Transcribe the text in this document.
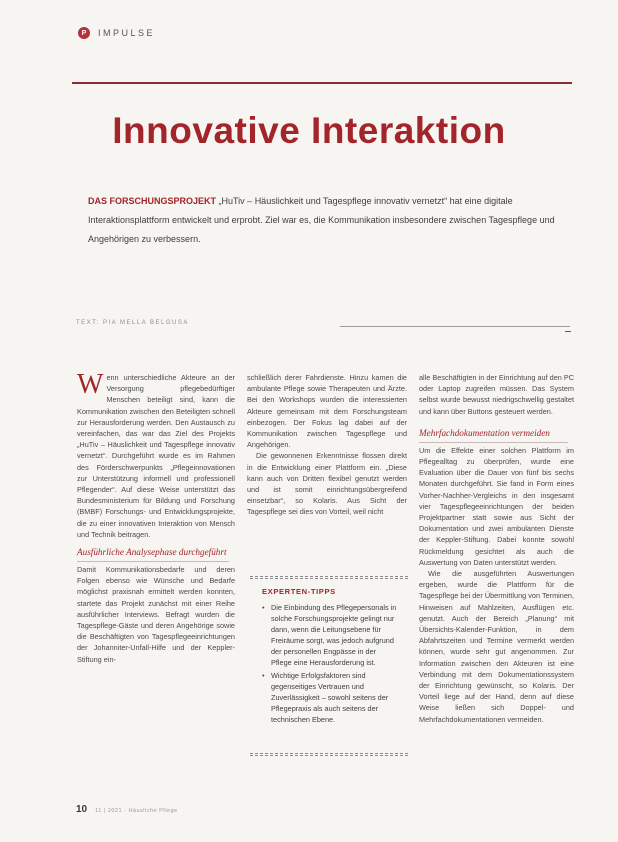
P	IMPULSE
Innovative Interaktion
DAS FORSCHUNGSPROJEKT „HuTiv – Häuslichkeit und Tagespflege innovativ vernetzt“ hat eine digitale Interaktionsplattform entwickelt und erprobt. Ziel war es, die Kommunikation insbesondere zwischen Tagespflege und Angehörigen zu verbessern.
TEXT: PIA MELLA BELGUSA

Wenn unterschiedliche Akteure an der Versorgung pflegebedürftiger Menschen beteiligt sind, kann die Kommunikation zwischen den Beteiligten schnell zur Herausforderung werden. Den Austausch zu vereinfachen, das war das Ziel des Projekts „HuTiv – Häuslichkeit und Tagespflege innovativ vernetzt“. Durchgeführt wurde es im Rahmen des Förderschwerpunkts „Pflegeinnovationen zur Unterstützung informell und professionell Pflegender“. Auf diese Weise unterstützt das Bundesministerium für Bildung und Forschung (BMBF) Forschungs- und Entwicklungsprojekte, die zu einer innovativen Interaktion von Mensch und Technik beitragen.

Ausführliche Analysephase durchgeführt

Damit Kommunikationsbedarfe und deren Folgen ebenso wie Wünsche und Bedarfe möglichst praxisnah ermittelt werden konnten, startete das Projekt zunächst mit einer Reihe ausführlicher Interviews. Befragt wurden die Tagespflege-Gäste und deren Angehörige sowie die Beschäftigten von Tagespflegeeinrichtungen der Johanniter-Unfall-Hilfe und der Keppler-Stiftung ein-

schließlich derer Fahrdienste. Hinzu kamen die ambulante Pflege sowie Therapeuten und Ärzte. Bei den Workshops wurden die interessierten Akteure gemeinsam mit dem Forschungsteam einbezogen. Der Fokus lag dabei auf der Kommunikation zwischen Tagespflege und Angehörigen.

Die gewonnenen Erkenntnisse flossen direkt in die Entwicklung einer Plattform ein. „Diese kann auch von Dritten flexibel genutzt werden und ist somit einrichtungsübergreifend einsetzbar“, so Kolaris. Aus Sicht der Tagespflege sei dies von Vorteil, weil nicht

EXPERTEN-TIPPS
• Die Einbindung des Pflegepersonals in solche Forschungsprojekte gelingt nur dann, wenn die Leitungsebene für Freiräume sorgt, was jedoch aufgrund der personellen Engpässe in der Pflege eine Herausforderung ist.
• Wichtige Erfolgsfaktoren sind gegenseitiges Vertrauen und Zuverlässigkeit – sowohl seitens der Pflegepraxis als auch seitens der technischen Ebene.

alle Beschäftigten in der Einrichtung auf den PC oder Laptop zugreifen müssen. Das System selbst wurde bewusst niedrigschwellig gestaltet und kann über Buttons gesteuert werden.

Mehrfachdokumentation vermeiden

Um die Effekte einer solchen Plattform im Pflegealltag zu überprüfen, wurde eine Evaluation über die Dauer von fünf bis sechs Monaten durchgeführt. Sie fand in Form eines Vorher-Nachher-Vergleichs in den insgesamt vier Tagespflegeeinrichtungen der beiden Projektpartner statt sowie aus Sicht der Dokumentation und zwei ambulanten Dienste der Keppler-Stiftung. Dabei konnte sowohl Rückmeldung gesichtet als auch die Auswertung von Daten unterstützt werden.

Wie die ausgeführten Auswertungen ergeben, wurde die Plattform für die Tagespflege bei der Übermittlung von Terminen, Hinweisen auf Mahlzeiten, Ausflügen etc. genutzt. Auch der Bereich „Planung“ mit Übersichts-Kalender-Funktion, in dem Abfahrtszeiten und Termine vermerkt werden können, wurde sehr gut angenommen. Zur Information zwischen den Akteuren ist eine Verbindung mit dem Dokumentationssystem der Einrichtung gewünscht, so Kolaris. Der Vorteil liege auf der Hand, denn auf diese Weise ließen sich Doppel- und Mehrfachdokumentationen vermeiden.

10 11 | 2021 · Häusliche Pflege
